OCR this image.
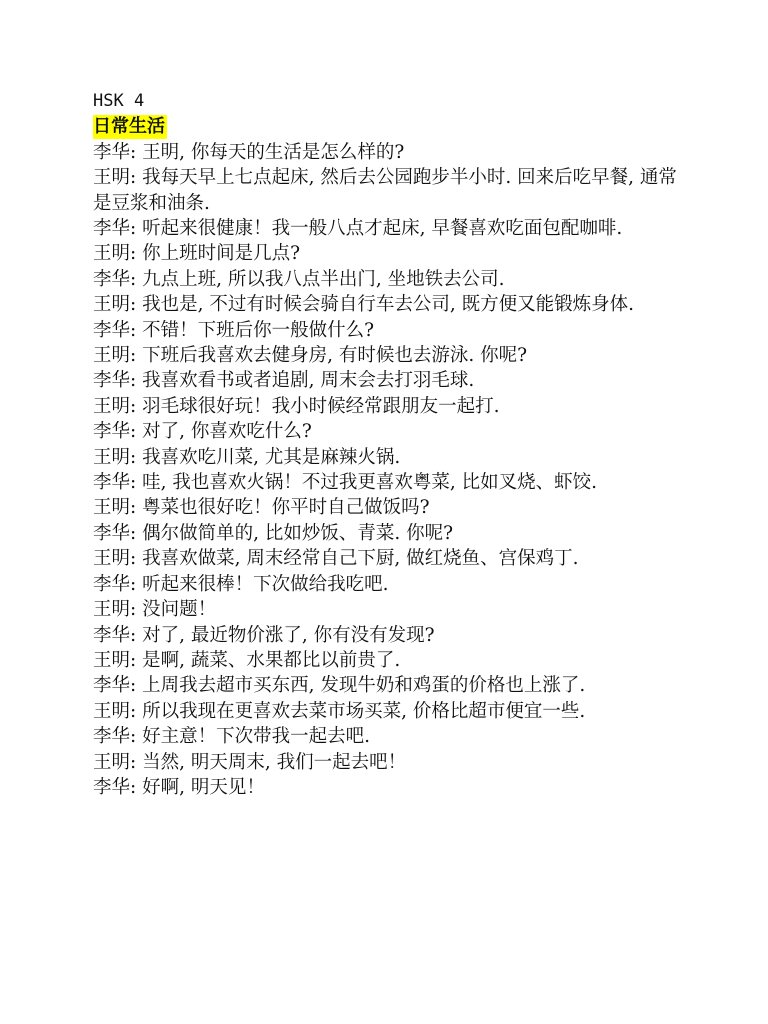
HSK 4
日常生活
李华: 王明, 你每天的生活是怎么样的?
王明: 我每天早上七点起床, 然后去公园跑步半小时. 回来后吃早餐, 通常是豆浆和油条.
李华: 听起来很健康！我一般八点才起床, 早餐喜欢吃面包配咖啡.
王明: 你上班时间是几点?
李华: 九点上班, 所以我八点半出门, 坐地铁去公司.
王明: 我也是, 不过有时候会骑自行车去公司, 既方便又能锻炼身体.
李华: 不错！下班后你一般做什么?
王明: 下班后我喜欢去健身房, 有时候也去游泳. 你呢?
李华: 我喜欢看书或者追剧, 周末会去打羽毛球.
王明: 羽毛球很好玩！我小时候经常跟朋友一起打.
李华: 对了, 你喜欢吃什么?
王明: 我喜欢吃川菜, 尤其是麻辣火锅.
李华: 哇, 我也喜欢火锅！不过我更喜欢粤菜, 比如叉烧、虾饺.
王明: 粤菜也很好吃！你平时自己做饭吗?
李华: 偶尔做简单的, 比如炒饭、青菜. 你呢?
王明: 我喜欢做菜, 周末经常自己下厨, 做红烧鱼、宫保鸡丁.
李华: 听起来很棒！下次做给我吃吧.
王明: 没问题！
李华: 对了, 最近物价涨了, 你有没有发现?
王明: 是啊, 蔬菜、水果都比以前贵了.
李华: 上周我去超市买东西, 发现牛奶和鸡蛋的价格也上涨了.
王明: 所以我现在更喜欢去菜市场买菜, 价格比超市便宜一些.
李华: 好主意！下次带我一起去吧.
王明: 当然, 明天周末, 我们一起去吧！
李华: 好啊, 明天见！
